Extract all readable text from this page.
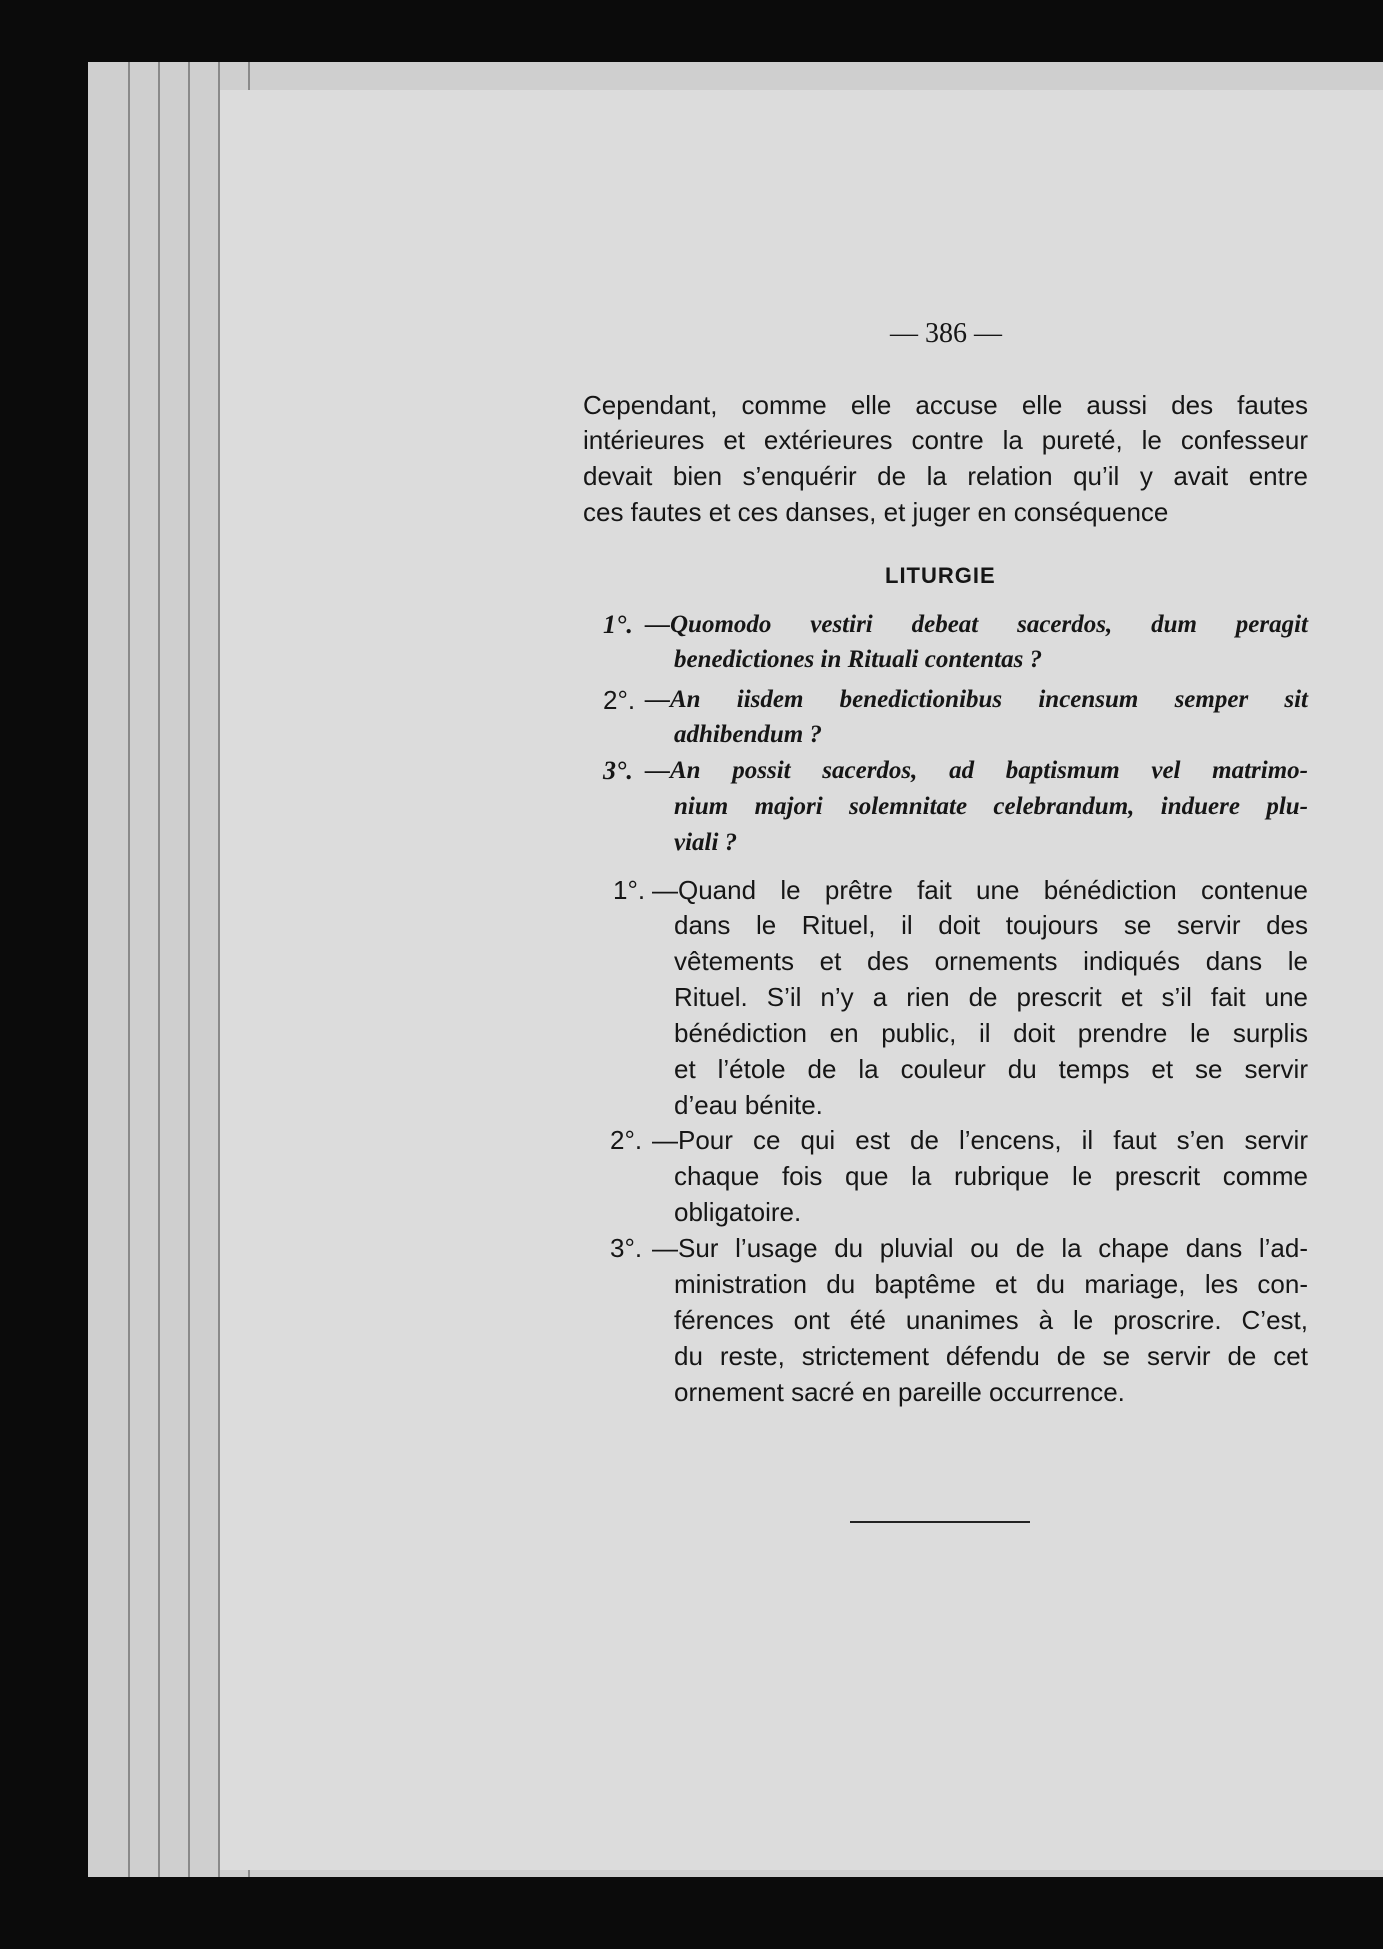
— 386 —
Cependant, comme elle accuse elle aussi des fautes
intérieures et extérieures contre la pureté, le confesseur
devait bien s’enquérir de la relation qu’il y avait entre
ces fautes et ces danses, et juger en conséquence
LITURGIE
1°. —Quomodo vestiri debeat sacerdos, dum peragit
benedictiones in Rituali contentas ?
2°. —An iisdem benedictionibus incensum semper sit
adhibendum ?
3°. —An possit sacerdos, ad baptismum vel matrimo-
nium majori solemnitate celebrandum, induere plu-
viali ?
1°. —Quand le prêtre fait une bénédiction contenue
dans le Rituel, il doit toujours se servir des
vêtements et des ornements indiqués dans le
Rituel. S’il n’y a rien de prescrit et s’il fait une
bénédiction en public, il doit prendre le surplis
et l’étole de la couleur du temps et se servir
d’eau bénite.
2°. —Pour ce qui est de l’encens, il faut s’en servir
chaque fois que la rubrique le prescrit comme
obligatoire.
3°. —Sur l’usage du pluvial ou de la chape dans l’ad-
ministration du baptême et du mariage, les con-
férences ont été unanimes à le proscrire. C’est,
du reste, strictement défendu de se servir de cet
ornement sacré en pareille occurrence.
